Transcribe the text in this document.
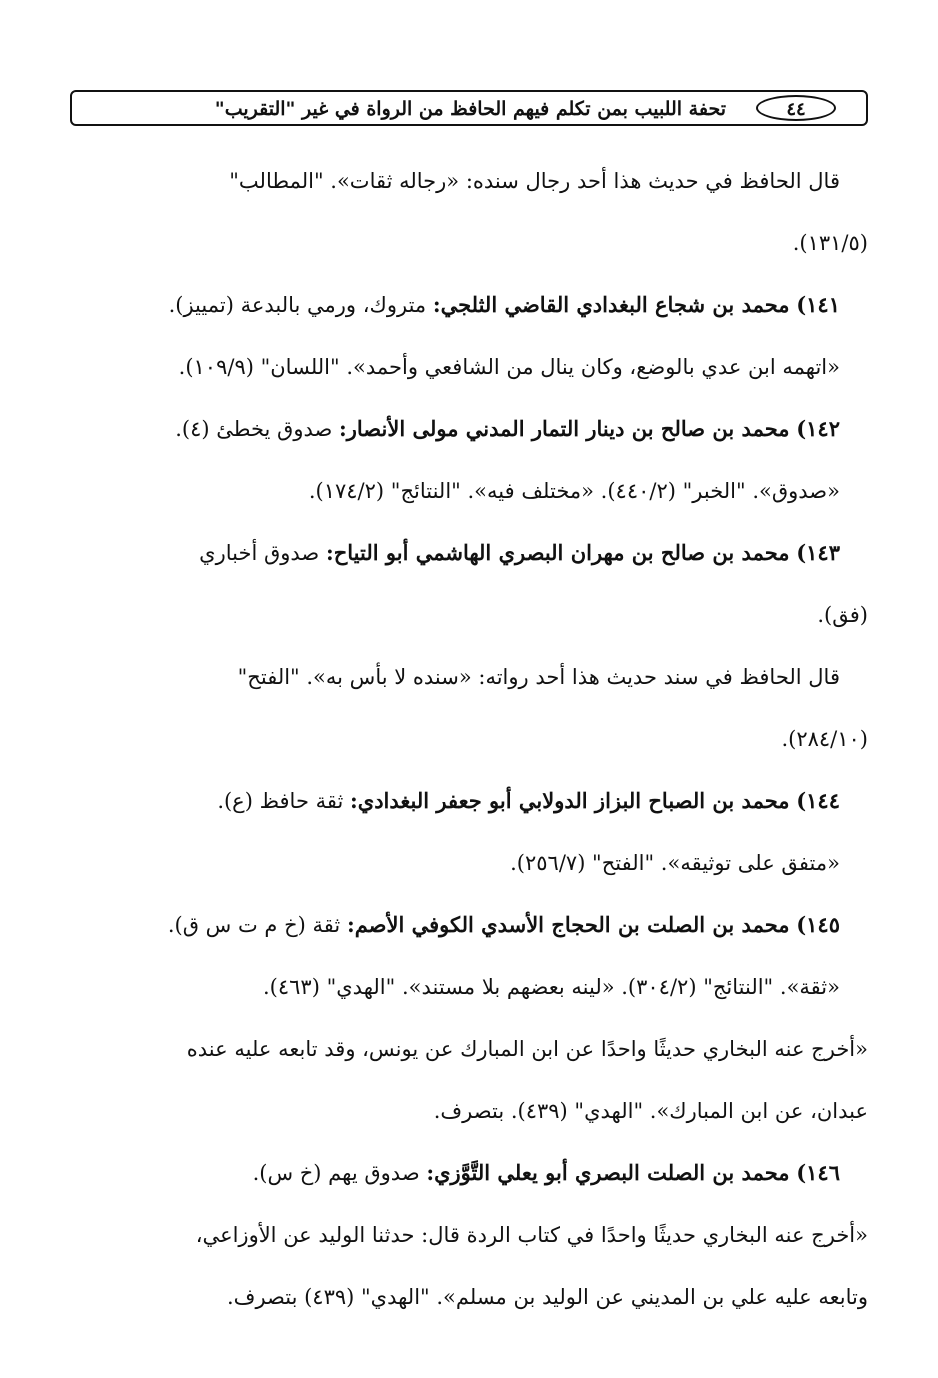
تحفة اللبيب بمن تكلم فيهم الحافظ من الرواة في غير "التقريب"	٤٤

قال الحافظ في حديث هذا أحد رجال سنده: «رجاله ثقات». "المطالب"

(١٣١/٥).

١٤١) محمد بن شجاع البغدادي القاضي الثلجي: متروك، ورمي بالبدعة (تمييز).

«اتهمه ابن عدي بالوضع، وكان ينال من الشافعي وأحمد». "اللسان" (١٠٩/٩).

١٤٢) محمد بن صالح بن دينار التمار المدني مولى الأنصار: صدوق يخطئ (٤).

«صدوق». "الخبر" (٤٤٠/٢). «مختلف فيه». "النتائج" (١٧٤/٢).

١٤٣) محمد بن صالح بن مهران البصري الهاشمي أبو التياح: صدوق أخباري

(فق).

قال الحافظ في سند حديث هذا أحد رواته: «سنده لا بأس به». "الفتح"

(٢٨٤/١٠).

١٤٤) محمد بن الصباح البزاز الدولابي أبو جعفر البغدادي: ثقة حافظ (ع).

«متفق على توثيقه». "الفتح" (٢٥٦/٧).

١٤٥) محمد بن الصلت بن الحجاج الأسدي الكوفي الأصم: ثقة (خ م ت س ق).

«ثقة». "النتائج" (٣٠٤/٢). «لينه بعضهم بلا مستند». "الهدي" (٤٦٣).

«أخرج عنه البخاري حديثًا واحدًا عن ابن المبارك عن يونس، وقد تابعه عليه عنده

عبدان، عن ابن المبارك». "الهدي" (٤٣٩). بتصرف.

١٤٦) محمد بن الصلت البصري أبو يعلي التَّوَّزي: صدوق يهم (خ س).

«أخرج عنه البخاري حديثًا واحدًا في كتاب الردة قال: حدثنا الوليد عن الأوزاعي،

وتابعه عليه علي بن المديني عن الوليد بن مسلم». "الهدي" (٤٣٩) بتصرف.
